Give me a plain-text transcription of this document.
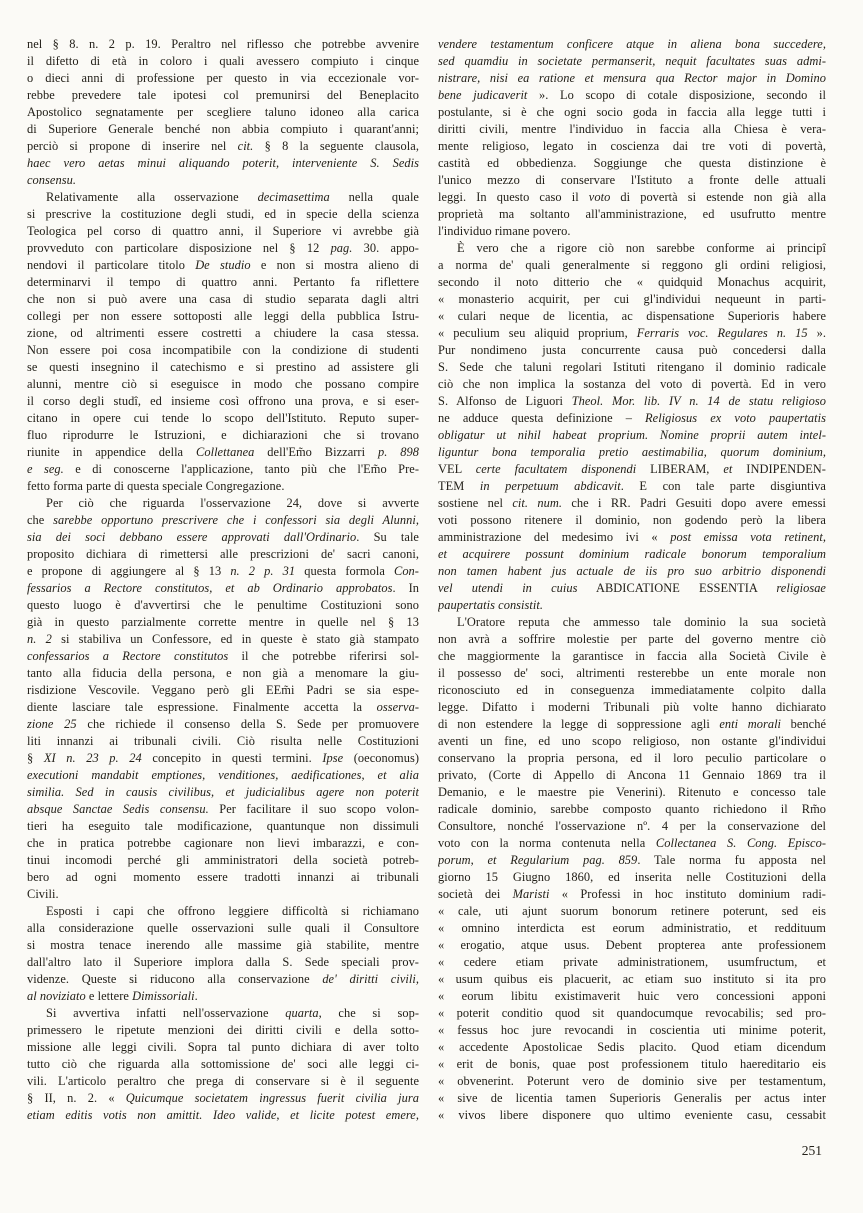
nel § 8. n. 2 p. 19. Peraltro nel riflesso che potrebbe avvenire
il difetto di età in coloro i quali avessero compiuto i cinque
o dieci anni di professione per questo in via eccezionale vor-
rebbe prevedere tale ipotesi col premunirsi del Beneplacito
Apostolico segnatamente per scegliere taluno idoneo alla carica
di Superiore Generale benché non abbia compiuto i quarant'anni;
perciò si propone di inserire nel cit. § 8 la seguente clausola,
haec vero aetas minui aliquando poterit, interveniente S. Sedis
consensu.
Relativamente alla osservazione decimasettima nella quale
si prescrive la costituzione degli studi, ed in specie della scienza
Teologica pel corso di quattro anni, il Superiore vi avrebbe già
provveduto con particolare disposizione nel § 12 pag. 30. appo-
nendovi il particolare titolo De studio e non si mostra alieno di
determinarvi il tempo di quattro anni. Pertanto fa riflettere
che non si può avere una casa di studio separata dagli altri
collegi per non essere sottoposti alle leggi della pubblica Istru-
zione, od altrimenti essere costretti a chiudere la casa stessa.
Non essere poi cosa incompatibile con la condizione di studenti
se questi insegnino il catechismo e si prestino ad assistere gli
alunni, mentre ciò si eseguisce in modo che possano compire
il corso degli studî, ed insieme così offrono una prova, e si eser-
citano in opere cui tende lo scopo dell'Istituto. Reputo super-
fluo riprodurre le Istruzioni, e dichiarazioni che si trovano
riunite in appendice della Collettanea dell'Em̃o Bizzarri p. 898
e seg. e di conoscerne l'applicazione, tanto più che l'Em̃o Pre-
fetto forma parte di questa speciale Congregazione.
Per ciò che riguarda l'osservazione 24, dove si avverte
che sarebbe opportuno prescrivere che i confessori sia degli Alunni,
sia dei soci debbano essere approvati dall'Ordinario. Su tale
proposito dichiara di rimettersi alle prescrizioni de' sacri canoni,
e propone di aggiungere al § 13 n. 2 p. 31 questa formola Con-
fessarios a Rectore constitutos, et ab Ordinario approbatos. In
questo luogo è d'avvertirsi che le penultime Costituzioni sono
già in questo parzialmente corrette mentre in quelle nel § 13
n. 2 si stabiliva un Confessore, ed in queste è stato già stampato
confessarios a Rectore constitutos il che potrebbe riferirsi sol-
tanto alla fiducia della persona, e non già a menomare la giu-
risdizione Vescovile. Veggano però gli EEm̃i Padri se sia espe-
diente lasciare tale espressione. Finalmente accetta la osserva-
zione 25 che richiede il consenso della S. Sede per promuovere
liti innanzi ai tribunali civili. Ciò risulta nelle Costituzioni
§ XI n. 23 p. 24 concepito in questi termini. Ipse (oeconomus)
executioni mandabit emptiones, venditiones, aedificationes, et alia
similia. Sed in causis civilibus, et judicialibus agere non poterit
absque Sanctae Sedis consensu. Per facilitare il suo scopo volon-
tieri ha eseguito tale modificazione, quantunque non dissimuli
che in pratica potrebbe cagionare non lievi imbarazzi, e con-
tinui incomodi perché gli amministratori della società potreb-
bero ad ogni momento essere tradotti innanzi ai tribunali
Civili.
Esposti i capi che offrono leggiere difficoltà si richiamano
alla considerazione quelle osservazioni sulle quali il Consultore
si mostra tenace inerendo alle massime già stabilite, mentre
dall'altro lato il Superiore implora dalla S. Sede speciali prov-
videnze. Queste si riducono alla conservazione de' diritti civili,
al noviziato e lettere Dimissoriali.
Si avvertiva infatti nell'osservazione quarta, che si sop-
primessero le ripetute menzioni dei diritti civili e della sotto-
missione alle leggi civili. Sopra tal punto dichiara di aver tolto
tutto ciò che riguarda alla sottomissione de' soci alle leggi ci-
vili. L'articolo peraltro che prega di conservare si è il seguente
§ II, n. 2. « Quicumque societatem ingressus fuerit civilia jura
etiam editis votis non amittit. Ideo valide, et licite potest emere,
vendere testamentum conficere atque in aliena bona succedere,
sed quamdiu in societate permanserit, nequit facultates suas admi-
nistrare, nisi ea ratione et mensura qua Rector major in Domino
bene judicaverit ». Lo scopo di cotale disposizione, secondo il
postulante, si è che ogni socio goda in faccia alla legge tutti i
diritti civili, mentre l'individuo in faccia alla Chiesa è vera-
mente religioso, legato in coscienza dai tre voti di povertà,
castità ed obbedienza. Soggiunge che questa distinzione è
l'unico mezzo di conservare l'Istituto a fronte delle attuali
leggi. In questo caso il voto di povertà si estende non già alla
proprietà ma soltanto all'amministrazione, ed usufrutto mentre
l'individuo rimane povero.
È vero che a rigore ciò non sarebbe conforme ai principî
a norma de' quali generalmente si reggono gli ordini religiosi,
secondo il noto ditterio che « quidquid Monachus acquirit,
« monasterio acquirit, per cui gl'individui nequeunt in parti-
« culari neque de licentia, ac dispensatione Superioris habere
« peculium seu aliquid proprium, Ferraris voc. Regulares n. 15 ».
Pur nondimeno justa concurrente causa può concedersi dalla
S. Sede che taluni regolari Istituti ritengano il dominio radicale
ciò che non implica la sostanza del voto di povertà. Ed in vero
S. Alfonso de Liguori Theol. Mor. lib. IV n. 14 de statu religioso
ne adduce questa definizione – Religiosus ex voto paupertatis
obligatur ut nihil habeat proprium. Nomine proprii autem intel-
liguntur bona temporalia pretio aestimabilia, quorum dominium,
VEL certe facultatem disponendi LIBERAM, et INDIPENDEN-
TEM in perpetuum abdicavit. E con tale parte disgiuntiva
sostiene nel cit. num. che i RR. Padri Gesuiti dopo avere emessi
voti possono ritenere il dominio, non godendo però la libera
amministrazione del medesimo ivi « post emissa vota retinent,
et acquirere possunt dominium radicale bonorum temporalium
non tamen habent jus actuale de iis pro suo arbitrio disponendi
vel utendi in cuius ABDICATIONE ESSENTIA religiosae
paupertatis consistit.
L'Oratore reputa che ammesso tale dominio la sua società
non avrà a soffrire molestie per parte del governo mentre ciò
che maggiormente la garantisce in faccia alla Società Civile è
il possesso de' soci, altrimenti resterebbe un ente morale non
riconosciuto ed in conseguenza immediatamente colpito dalla
legge. Difatto i moderni Tribunali più volte hanno dichiarato
di non estendere la legge di soppressione agli enti morali benché
aventi un fine, ed uno scopo religioso, non ostante gl'individui
conservano la propria persona, ed il loro peculio particolare o
privato, (Corte di Appello di Ancona 11 Gennaio 1869 tra il
Demanio, e le maestre pie Venerini). Ritenuto e concesso tale
radicale dominio, sarebbe composto quanto richiedono il Rm̃o
Consultore, nonché l'osservazione nº. 4 per la conservazione del
voto con la norma contenuta nella Collectanea S. Cong. Episco-
porum, et Regularium pag. 859. Tale norma fu apposta nel
giorno 15 Giugno 1860, ed inserita nelle Costituzioni della
società dei Maristi « Professi in hoc instituto dominium radi-
« cale, uti ajunt suorum bonorum retinere poterunt, sed eis
« omnino interdicta est eorum administratio, et reddituum
« erogatio, atque usus. Debent propterea ante professionem
« cedere etiam private administrationem, usumfructum, et
« usum quibus eis placuerit, ac etiam suo instituto si ita pro
« eorum libitu existimaverit huic vero concessioni apponi
« poterit conditio quod sit quandocumque revocabilis; sed pro-
« fessus hoc jure revocandi in coscientia uti minime poterit,
« accedente Apostolicae Sedis placito. Quod etiam dicendum
« erit de bonis, quae post professionem titulo haereditario eis
« obvenerint. Poterunt vero de dominio sive per testamentum,
« sive de licentia tamen Superioris Generalis per actus inter
« vivos libere disponere quo ultimo eveniente casu, cessabit
251
